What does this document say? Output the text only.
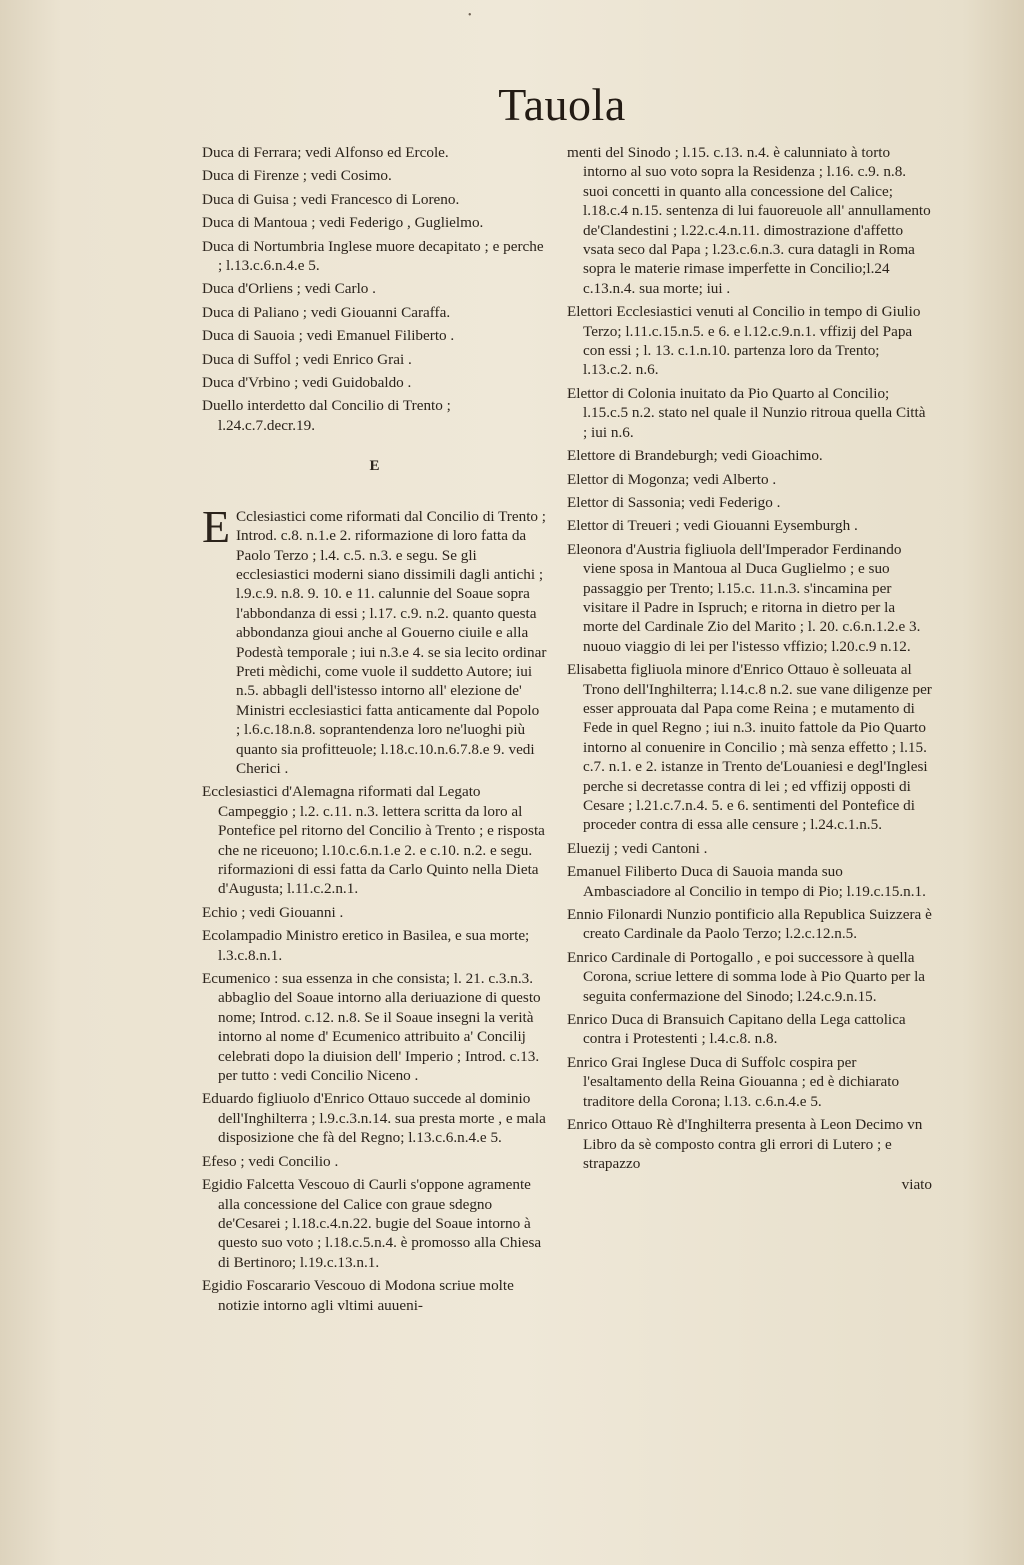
•
Tauola

Duca di Ferrara; vedi Alfonso ed Ercole.

Duca di Firenze ; vedi Cosimo.

Duca di Guisa ; vedi Francesco di Loreno.

Duca di Mantoua ; vedi Federigo , Guglielmo.

Duca di Nortumbria Inglese muore decapitato ; e perche ; l.13.c.6.n.4.e 5.

Duca d'Orliens ; vedi Carlo .

Duca di Paliano ; vedi Giouanni Caraffa.

Duca di Sauoia ; vedi Emanuel Filiberto .

Duca di Suffol ; vedi Enrico Grai .

Duca d'Vrbino ; vedi Guidobaldo .

Duello interdetto dal Concilio di Trento ; l.24.c.7.decr.19.

E

E Cclesiastici come riformati dal Concilio di Trento ; Introd. c.8. n.1.e 2. riformazione di loro fatta da Paolo Terzo ; l.4. c.5. n.3. e segu. Se gli ecclesiastici moderni siano dissimili dagli antichi ; l.9.c.9. n.8. 9. 10. e 11. calunnie del Soaue sopra l'abbondanza di essi ; l.17. c.9. n.2. quanto questa abbondanza gioui anche al Gouerno ciuile e alla Podestà temporale ; iui n.3.e 4. se sia lecito ordinar Preti mèdichi, come vuole il suddetto Autore; iui n.5. abbagli dell'istesso intorno all' elezione de' Ministri ecclesiastici fatta anticamente dal Popolo ; l.6.c.18.n.8. soprantendenza loro ne'luoghi più quanto sia profitteuole; l.18.c.10.n.6.7.8.e 9. vedi Cherici .

Ecclesiastici d'Alemagna riformati dal Legato Campeggio ; l.2. c.11. n.3. lettera scritta da loro al Pontefice pel ritorno del Concilio à Trento ; e risposta che ne riceuono; l.10.c.6.n.1.e 2. e c.10. n.2. e segu. riformazioni di essi fatta da Carlo Quinto nella Dieta d'Augusta; l.11.c.2.n.1.

Echio ; vedi Giouanni .

Ecolampadio Ministro eretico in Basilea, e sua morte; l.3.c.8.n.1.

Ecumenico : sua essenza in che consista; l. 21. c.3.n.3. abbaglio del Soaue intorno alla deriuazione di questo nome; Introd. c.12. n.8. Se il Soaue insegni la verità intorno al nome d' Ecumenico attribuito a' Concilij celebrati dopo la diuision dell' Imperio ; Introd. c.13. per tutto : vedi Concilio Niceno .

Eduardo figliuolo d'Enrico Ottauo succede al dominio dell'Inghilterra ; l.9.c.3.n.14. sua presta morte , e mala disposizione che fà del Regno; l.13.c.6.n.4.e 5.

Efeso ; vedi Concilio .

Egidio Falcetta Vescouo di Caurli s'oppone agramente alla concessione del Calice con graue sdegno de'Cesarei ; l.18.c.4.n.22. bugie del Soaue intorno à questo suo voto ; l.18.c.5.n.4. è promosso alla Chiesa di Bertinoro; l.19.c.13.n.1.

Egidio Foscarario Vescouo di Modona scriue molte notizie intorno agli vltimi auueni-

menti del Sinodo ; l.15. c.13. n.4. è calunniato à torto intorno al suo voto sopra la Residenza ; l.16. c.9. n.8. suoi concetti in quanto alla concessione del Calice; l.18.c.4 n.15. sentenza di lui fauoreuole all' annullamento de'Clandestini ; l.22.c.4.n.11. dimostrazione d'affetto vsata seco dal Papa ; l.23.c.6.n.3. cura datagli in Roma sopra le materie rimase imperfette in Concilio;l.24 c.13.n.4. sua morte; iui .

Elettori Ecclesiastici venuti al Concilio in tempo di Giulio Terzo; l.11.c.15.n.5. e 6. e l.12.c.9.n.1. vffizij del Papa con essi ; l. 13. c.1.n.10. partenza loro da Trento; l.13.c.2. n.6.

Elettor di Colonia inuitato da Pio Quarto al Concilio; l.15.c.5 n.2. stato nel quale il Nunzio ritroua quella Città ; iui n.6.

Elettore di Brandeburgh; vedi Gioachimo.

Elettor di Mogonza; vedi Alberto .

Elettor di Sassonia; vedi Federigo .

Elettor di Treueri ; vedi Giouanni Eysemburgh .

Eleonora d'Austria figliuola dell'Imperador Ferdinando viene sposa in Mantoua al Duca Guglielmo ; e suo passaggio per Trento; l.15.c. 11.n.3. s'incamina per visitare il Padre in Ispruch; e ritorna in dietro per la morte del Cardinale Zio del Marito ; l. 20. c.6.n.1.2.e 3. nuouo viaggio di lei per l'istesso vffizio; l.20.c.9 n.12.

Elisabetta figliuola minore d'Enrico Ottauo è solleuata al Trono dell'Inghilterra; l.14.c.8 n.2. sue vane diligenze per esser approuata dal Papa come Reina ; e mutamento di Fede in quel Regno ; iui n.3. inuito fattole da Pio Quarto intorno al conuenire in Concilio ; mà senza effetto ; l.15. c.7. n.1. e 2. istanze in Trento de'Louaniesi e degl'Inglesi perche si decretasse contra di lei ; ed vffizij opposti di Cesare ; l.21.c.7.n.4. 5. e 6. sentimenti del Pontefice di proceder contra di essa alle censure ; l.24.c.1.n.5.

Eluezij ; vedi Cantoni .

Emanuel Filiberto Duca di Sauoia manda suo Ambasciadore al Concilio in tempo di Pio; l.19.c.15.n.1.

Ennio Filonardi Nunzio pontificio alla Republica Suizzera è creato Cardinale da Paolo Terzo; l.2.c.12.n.5.

Enrico Cardinale di Portogallo , e poi successore à quella Corona, scriue lettere di somma lode à Pio Quarto per la seguita confermazione del Sinodo; l.24.c.9.n.15.

Enrico Duca di Bransuich Capitano della Lega cattolica contra i Protestenti ; l.4.c.8. n.8.

Enrico Grai Inglese Duca di Suffolc cospira per l'esaltamento della Reina Giouanna ; ed è dichiarato traditore della Corona; l.13. c.6.n.4.e 5.

Enrico Ottauo Rè d'Inghilterra presenta à Leon Decimo vn Libro da sè composto contra gli errori di Lutero ; e strapazzo

viato
